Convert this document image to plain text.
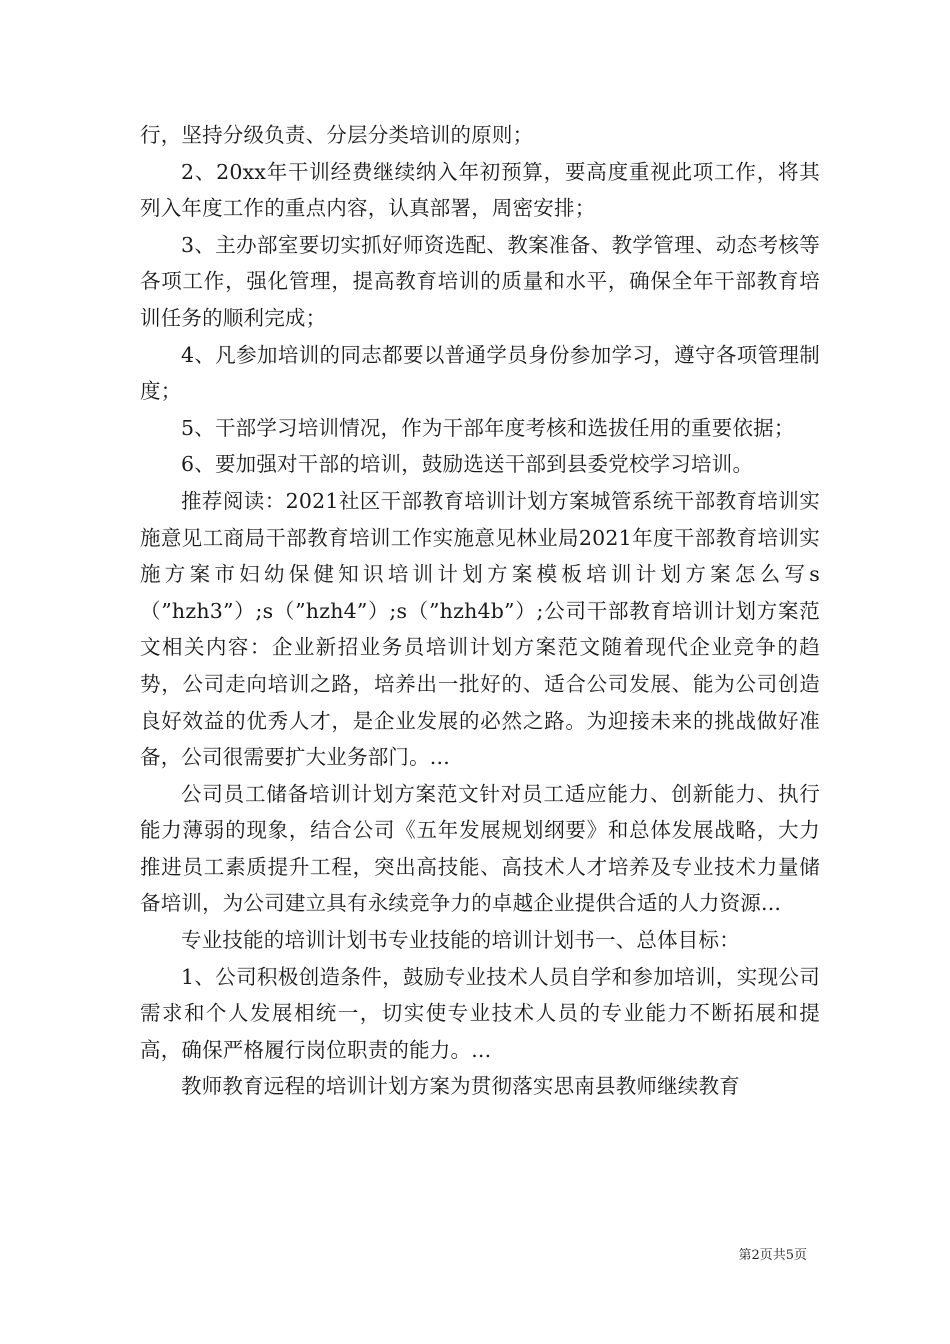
行，坚持分级负责、分层分类培训的原则；

2、20xx年干训经费继续纳入年初预算，要高度重视此项工作，将其列入年度工作的重点内容，认真部署，周密安排；

3、主办部室要切实抓好师资选配、教案准备、教学管理、动态考核等各项工作，强化管理，提高教育培训的质量和水平，确保全年干部教育培训任务的顺利完成；

4、凡参加培训的同志都要以普通学员身份参加学习，遵守各项管理制度；

5、干部学习培训情况，作为干部年度考核和选拔任用的重要依据；

6、要加强对干部的培训，鼓励选送干部到县委党校学习培训。

推荐阅读：2021社区干部教育培训计划方案城管系统干部教育培训实施意见工商局干部教育培训工作实施意见林业局2021年度干部教育培训实施方案市妇幼保健知识培训计划方案模板培训计划方案怎么写s（”hzh3”）;s（”hzh4”）;s（”hzh4b”）;公司干部教育培训计划方案范文相关内容：企业新招业务员培训计划方案范文随着现代企业竞争的趋势，公司走向培训之路，培养出一批好的、适合公司发展、能为公司创造良好效益的优秀人才，是企业发展的必然之路。为迎接未来的挑战做好准备，公司很需要扩大业务部门。...

公司员工储备培训计划方案范文针对员工适应能力、创新能力、执行能力薄弱的现象，结合公司《五年发展规划纲要》和总体发展战略，大力推进员工素质提升工程，突出高技能、高技术人才培养及专业技术力量储备培训，为公司建立具有永续竞争力的卓越企业提供合适的人力资源...

专业技能的培训计划书专业技能的培训计划书一、总体目标：

1、公司积极创造条件，鼓励专业技术人员自学和参加培训，实现公司需求和个人发展相统一，切实使专业技术人员的专业能力不断拓展和提高，确保严格履行岗位职责的能力。...

教师教育远程的培训计划方案为贯彻落实思南县教师继续教育

第2页共5页
